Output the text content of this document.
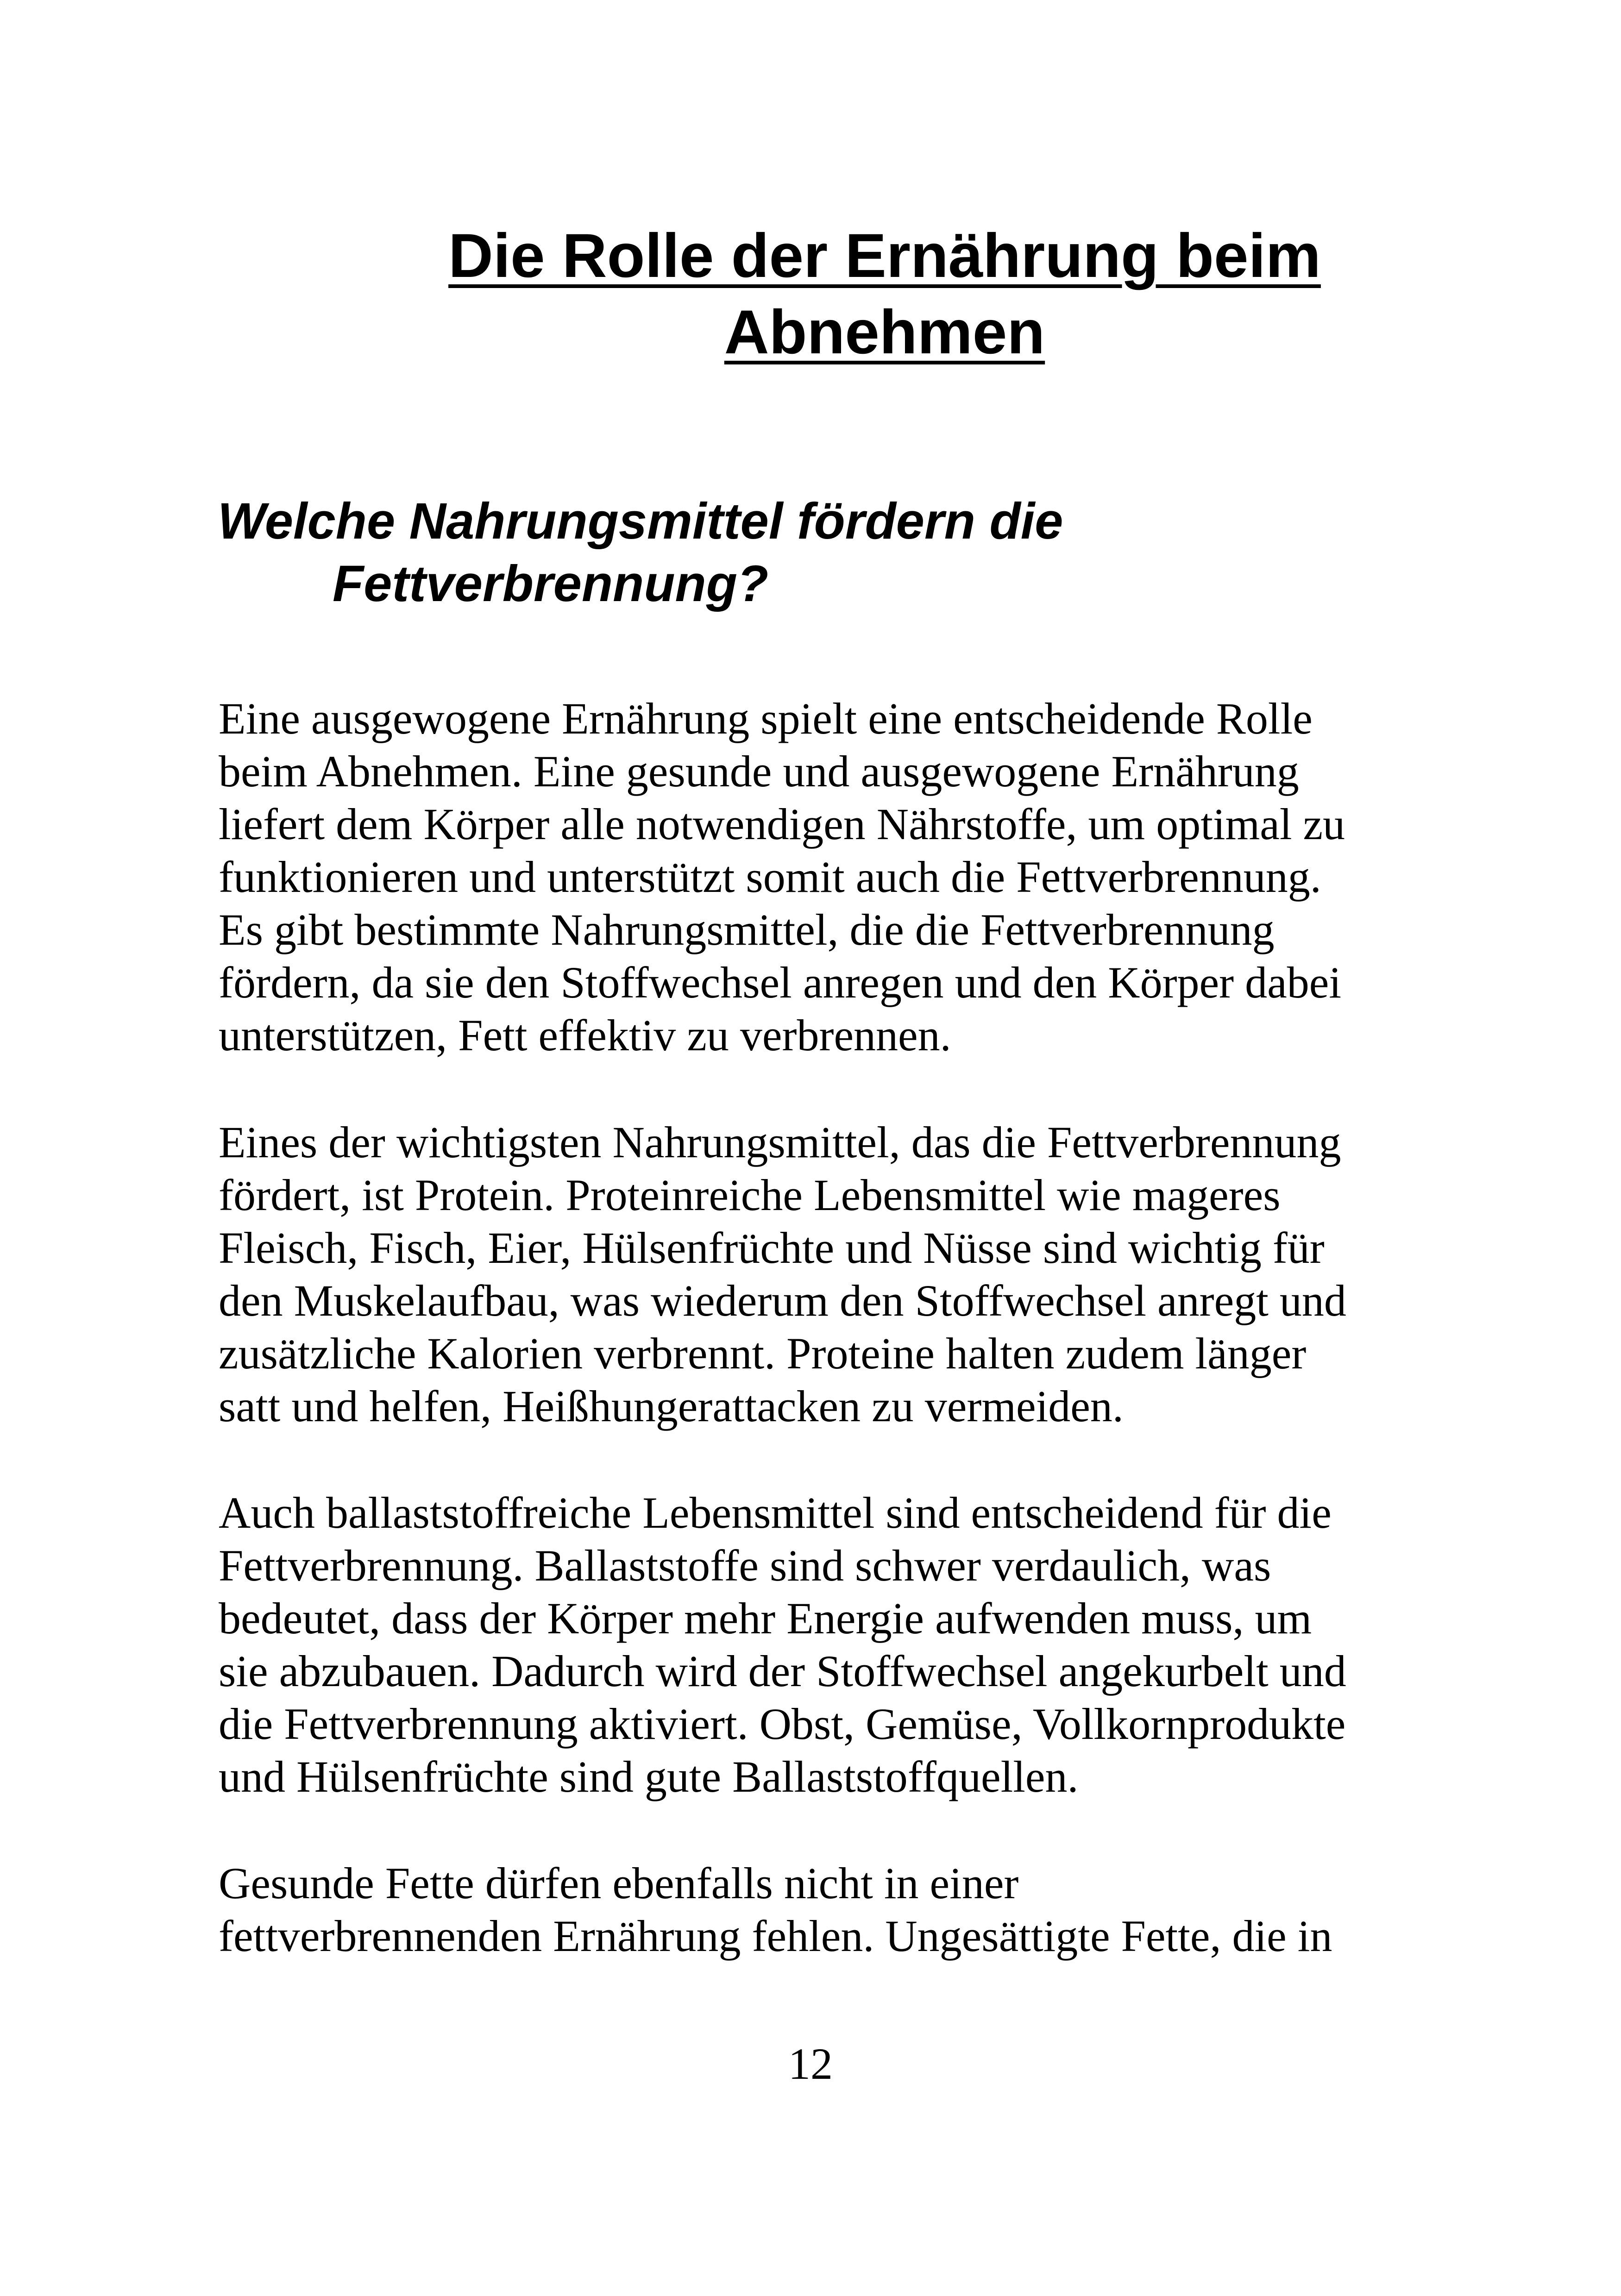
Die Rolle der Ernährung beim
Abnehmen
Welche Nahrungsmittel fördern die
Fettverbrennung?
Eine ausgewogene Ernährung spielt eine entscheidende Rolle
beim Abnehmen. Eine gesunde und ausgewogene Ernährung
liefert dem Körper alle notwendigen Nährstoffe, um optimal zu
funktionieren und unterstützt somit auch die Fettverbrennung.
Es gibt bestimmte Nahrungsmittel, die die Fettverbrennung
fördern, da sie den Stoffwechsel anregen und den Körper dabei
unterstützen, Fett effektiv zu verbrennen.
Eines der wichtigsten Nahrungsmittel, das die Fettverbrennung
fördert, ist Protein. Proteinreiche Lebensmittel wie mageres
Fleisch, Fisch, Eier, Hülsenfrüchte und Nüsse sind wichtig für
den Muskelaufbau, was wiederum den Stoffwechsel anregt und
zusätzliche Kalorien verbrennt. Proteine halten zudem länger
satt und helfen, Heißhungerattacken zu vermeiden.
Auch ballaststoffreiche Lebensmittel sind entscheidend für die
Fettverbrennung. Ballaststoffe sind schwer verdaulich, was
bedeutet, dass der Körper mehr Energie aufwenden muss, um
sie abzubauen. Dadurch wird der Stoffwechsel angekurbelt und
die Fettverbrennung aktiviert. Obst, Gemüse, Vollkornprodukte
und Hülsenfrüchte sind gute Ballaststoffquellen.
Gesunde Fette dürfen ebenfalls nicht in einer
fettverbrennenden Ernährung fehlen. Ungesättigte Fette, die in
12
